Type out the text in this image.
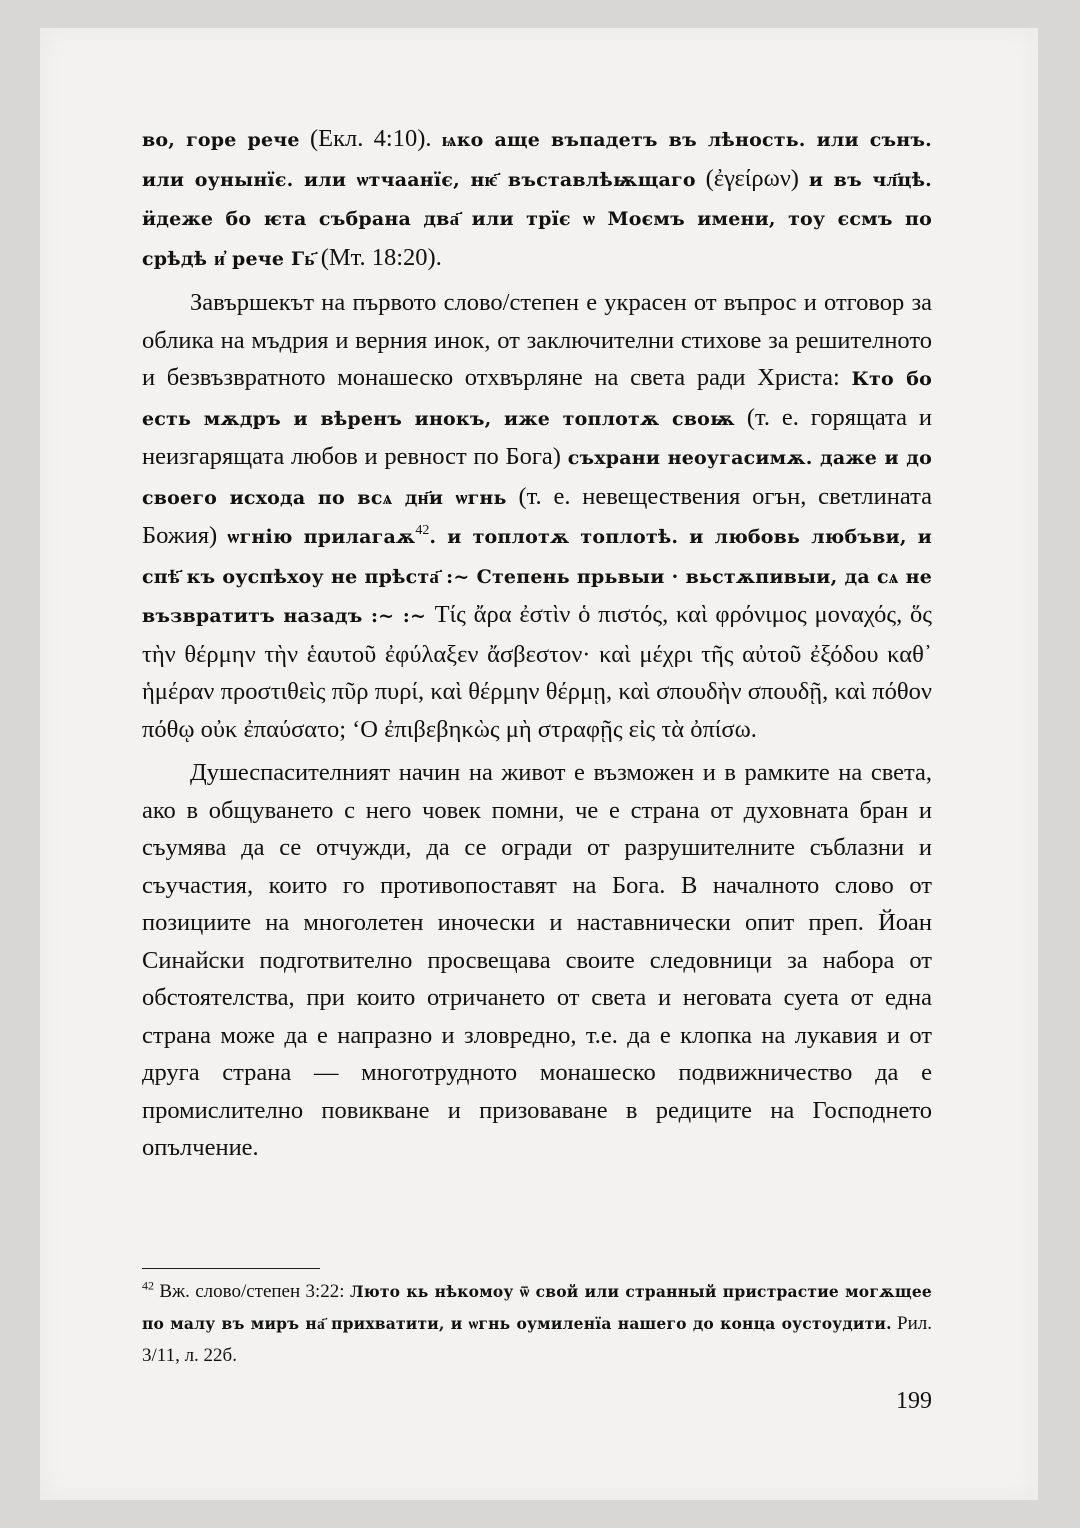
во, горе рече (Екл. 4:10). ѩко аще въпадетъ въ лѣность. или сънъ. или оунынїє. или ѡтчаанїє, нѥ҃ въставлѣѭщаго (ἐγείρων) и въ чл҃цѣ. ӥдеже бо ѥта събрана два҃ или трїє ѡ Моємъ имени, тоу єсмъ по срѣдѣ и҆ рече Гь҃ (Мт. 18:20).

Завършекът на първото слово/степен е украсен от въпрос и отговор за облика на мъдрия и верния инок, от заключителни стихове за решителното и безвъзвратното монашеско отхвърляне на света ради Христа: Кто бо есть мѫдръ и вѣренъ инокъ, иже топлотѫ своѭ (т. е. горящата и неизгарящата любов и ревност по Бога) съхрани неоугасимѫ. даже и до своего исхода по всѧ дн҃и ѡгнь (т. е. невеществения огън, светлината Божия) ѡгнію прилагаѫ$^{42}$. и топлотѫ топлотѣ. и любовь любъви, и спѣ҃ къ оуспѣхоу не прѣста҃ :~ Степень прьвыи · вьстѫпивыи, да сѧ не възвратитъ назадъ :~ :~ Τίς ἄρα ἐστὶν ὁ πιστός, καὶ φρόνιμος μοναχός, ὅς τὴν θέρμην τὴν ἑαυτοῦ ἐφύλαξεν ἄσβεστον· καὶ μέχρι τῆς αὐτοῦ ἐξόδου καθ᾽ ἡμέραν προστιθεὶς πῦρ πυρί, καὶ θέρμην θέρμῃ, καὶ σπουδὴν σπουδῇ, καὶ πόθον πόθῳ οὐκ ἐπαύσατο; ‘Ο ἐπιβεβηκὼς μὴ στραφῇς εἰς τὰ ὀπίσω.

Душеспасителният начин на живот е възможен и в рамките на света, ако в общуването с него човек помни, че е страна от духовната бран и съумява да се отчужди, да се огради от разрушителните съблазни и съучастия, които го противопоставят на Бога. В началното слово от позициите на многолетен иночески и наставнически опит преп. Йоан Синайски подготвително просвещава своите следовници за набора от обстоятелства, при които отричането от света и неговата суета от една страна може да е напразно и зловредно, т.е. да е клопка на лукавия и от друга страна — многотрудното монашеско подвижничество да е промислително повикване и призоваване в редиците на Господнето опълчение.

$^{42}$ Вж. слово/степен 3:22: Люто кь нѣкомоу ѿ свой или странный пристрастие могѫщее по малу въ миръ на҃ прихватити, и ѡгнь оумиленїа нашего до конца оустоудити. Рил. 3/11, л. 22б.
199
